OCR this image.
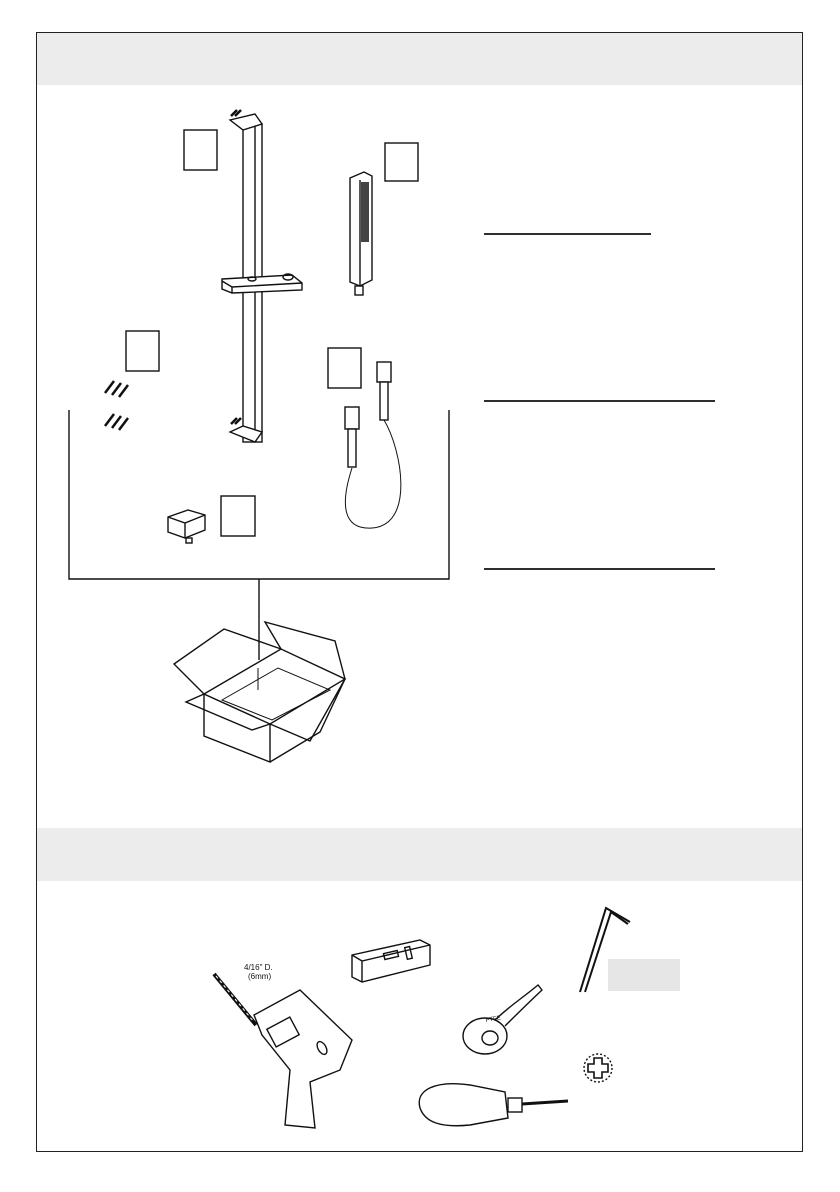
PTFE
4/16" D.
(6mm)
